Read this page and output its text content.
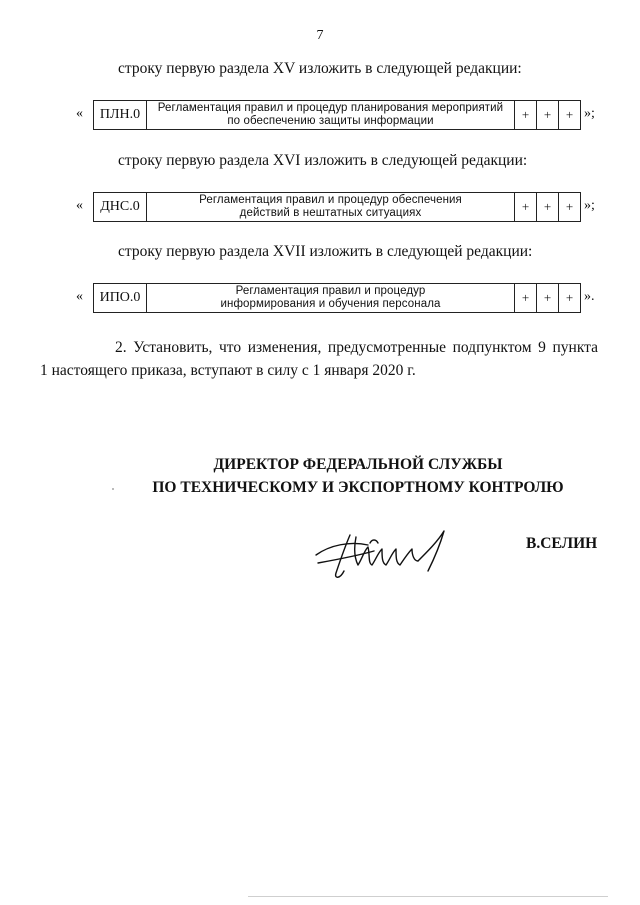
7
строку первую раздела XV изложить в следующей редакции:
« ПЛН.0	Регламентация правил и процедур планирования мероприятий
по обеспечению защиты информации	+	+	+ »;
строку первую раздела XVI изложить в следующей редакции:
« ДНС.0	Регламентация правил и процедур обеспечения
действий в нештатных ситуациях	+	+	+ »;
строку первую раздела XVII изложить в следующей редакции:
« ИПО.0	Регламентация правил и процедур
информирования и обучения персонала	+	+	+ ».
2. Установить, что изменения, предусмотренные подпунктом 9 пункта
1 настоящего приказа, вступают в силу с 1 января 2020 г.
ДИРЕКТОР ФЕДЕРАЛЬНОЙ СЛУЖБЫ
ПО ТЕХНИЧЕСКОМУ И ЭКСПОРТНОМУ КОНТРОЛЮ
В.СЕЛИН
